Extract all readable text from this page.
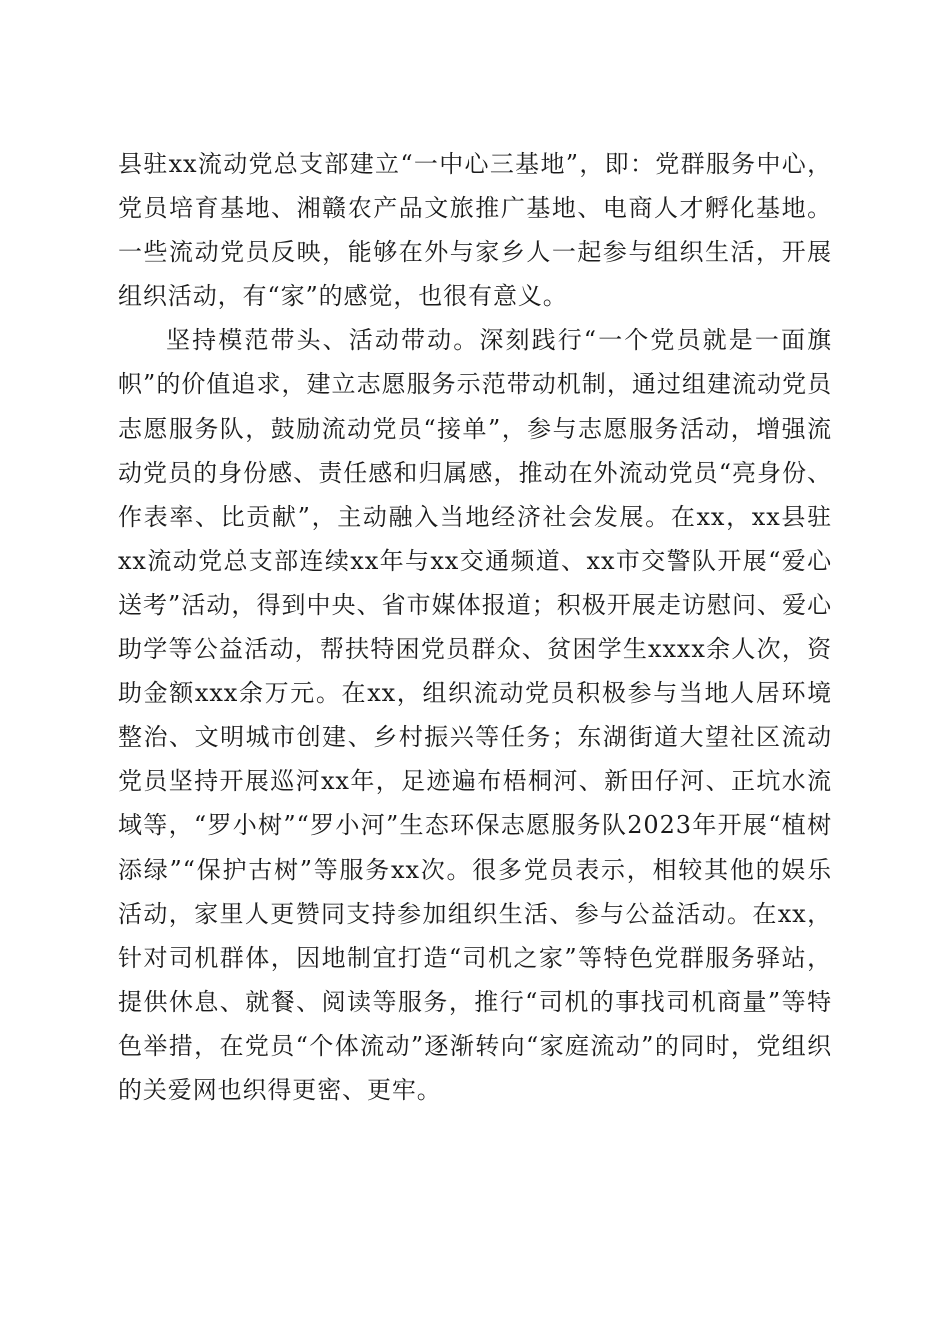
县驻xx流动党总支部建立“一中心三基地”，即：党群服务中心，党员培育基地、湘赣农产品文旅推广基地、电商人才孵化基地。一些流动党员反映，能够在外与家乡人一起参与组织生活，开展组织活动，有“家”的感觉，也很有意义。

坚持模范带头、活动带动。深刻践行“一个党员就是一面旗帜”的价值追求，建立志愿服务示范带动机制，通过组建流动党员志愿服务队，鼓励流动党员“接单”，参与志愿服务活动，增强流动党员的身份感、责任感和归属感，推动在外流动党员“亮身份、作表率、比贡献”，主动融入当地经济社会发展。在xx，xx县驻xx流动党总支部连续xx年与xx交通频道、xx市交警队开展“爱心送考”活动，得到中央、省市媒体报道；积极开展走访慰问、爱心助学等公益活动，帮扶特困党员群众、贫困学生xxxx余人次，资助金额xxx余万元。在xx，组织流动党员积极参与当地人居环境整治、文明城市创建、乡村振兴等任务；东湖街道大望社区流动党员坚持开展巡河xx年，足迹遍布梧桐河、新田仔河、正坑水流域等，“罗小树”“罗小河”生态环保志愿服务队2023年开展“植树添绿”“保护古树”等服务xx次。很多党员表示，相较其他的娱乐活动，家里人更赞同支持参加组织生活、参与公益活动。在xx，针对司机群体，因地制宜打造“司机之家”等特色党群服务驿站，提供休息、就餐、阅读等服务，推行“司机的事找司机商量”等特色举措，在党员“个体流动”逐渐转向“家庭流动”的同时，党组织的关爱网也织得更密、更牢。
